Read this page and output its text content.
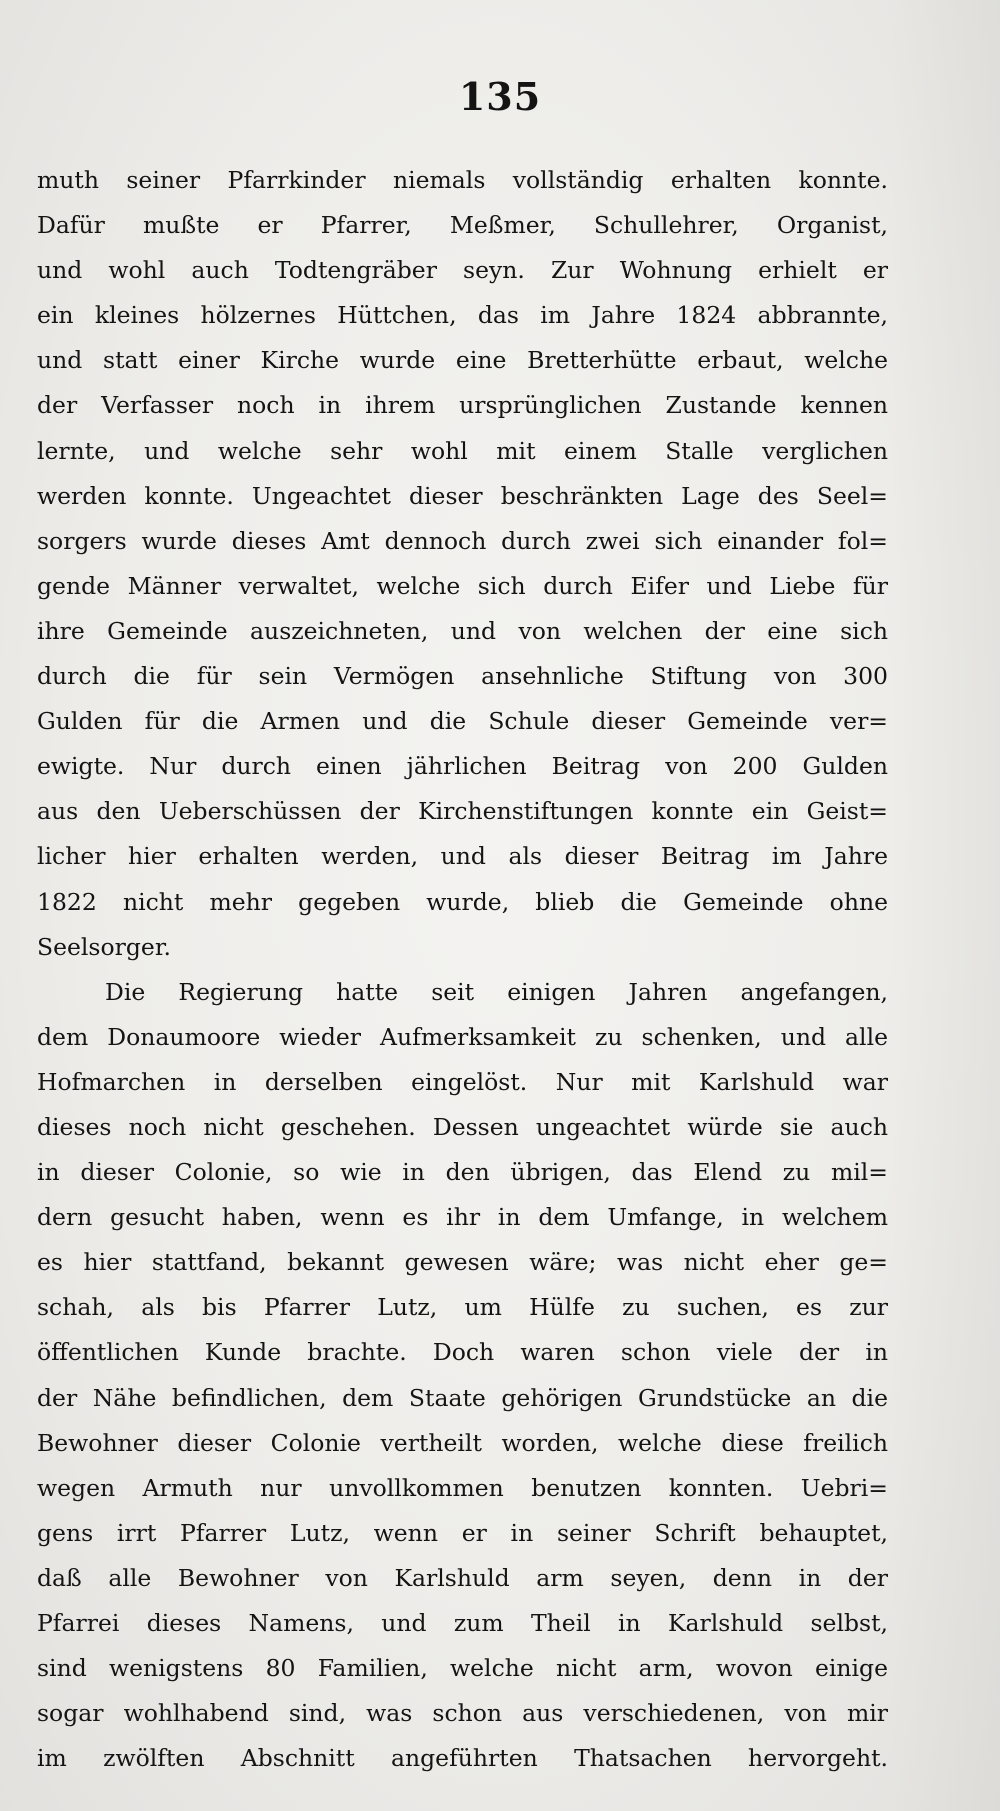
135
muth seiner Pfarrkinder niemals vollständig erhalten konnte.
Dafür mußte er Pfarrer, Meßmer, Schullehrer, Organist,
und wohl auch Todtengräber seyn. Zur Wohnung erhielt er
ein kleines hölzernes Hüttchen, das im Jahre 1824 abbrannte,
und statt einer Kirche wurde eine Bretterhütte erbaut, welche
der Verfasser noch in ihrem ursprünglichen Zustande kennen
lernte, und welche sehr wohl mit einem Stalle verglichen
werden konnte. Ungeachtet dieser beschränkten Lage des Seel=
sorgers wurde dieses Amt dennoch durch zwei sich einander fol=
gende Männer verwaltet, welche sich durch Eifer und Liebe für
ihre Gemeinde auszeichneten, und von welchen der eine sich
durch die für sein Vermögen ansehnliche Stiftung von 300
Gulden für die Armen und die Schule dieser Gemeinde ver=
ewigte. Nur durch einen jährlichen Beitrag von 200 Gulden
aus den Ueberschüssen der Kirchenstiftungen konnte ein Geist=
licher hier erhalten werden, und als dieser Beitrag im Jahre
1822 nicht mehr gegeben wurde, blieb die Gemeinde ohne
Seelsorger.
Die Regierung hatte seit einigen Jahren angefangen,
dem Donaumoore wieder Aufmerksamkeit zu schenken, und alle
Hofmarchen in derselben eingelöst. Nur mit Karlshuld war
dieses noch nicht geschehen. Dessen ungeachtet würde sie auch
in dieser Colonie, so wie in den übrigen, das Elend zu mil=
dern gesucht haben, wenn es ihr in dem Umfange, in welchem
es hier stattfand, bekannt gewesen wäre; was nicht eher ge=
schah, als bis Pfarrer Lutz, um Hülfe zu suchen, es zur
öffentlichen Kunde brachte. Doch waren schon viele der in
der Nähe befindlichen, dem Staate gehörigen Grundstücke an die
Bewohner dieser Colonie vertheilt worden, welche diese freilich
wegen Armuth nur unvollkommen benutzen konnten. Uebri=
gens irrt Pfarrer Lutz, wenn er in seiner Schrift behauptet,
daß alle Bewohner von Karlshuld arm seyen, denn in der
Pfarrei dieses Namens, und zum Theil in Karlshuld selbst,
sind wenigstens 80 Familien, welche nicht arm, wovon einige
sogar wohlhabend sind, was schon aus verschiedenen, von mir
im zwölften Abschnitt angeführten Thatsachen hervorgeht.
